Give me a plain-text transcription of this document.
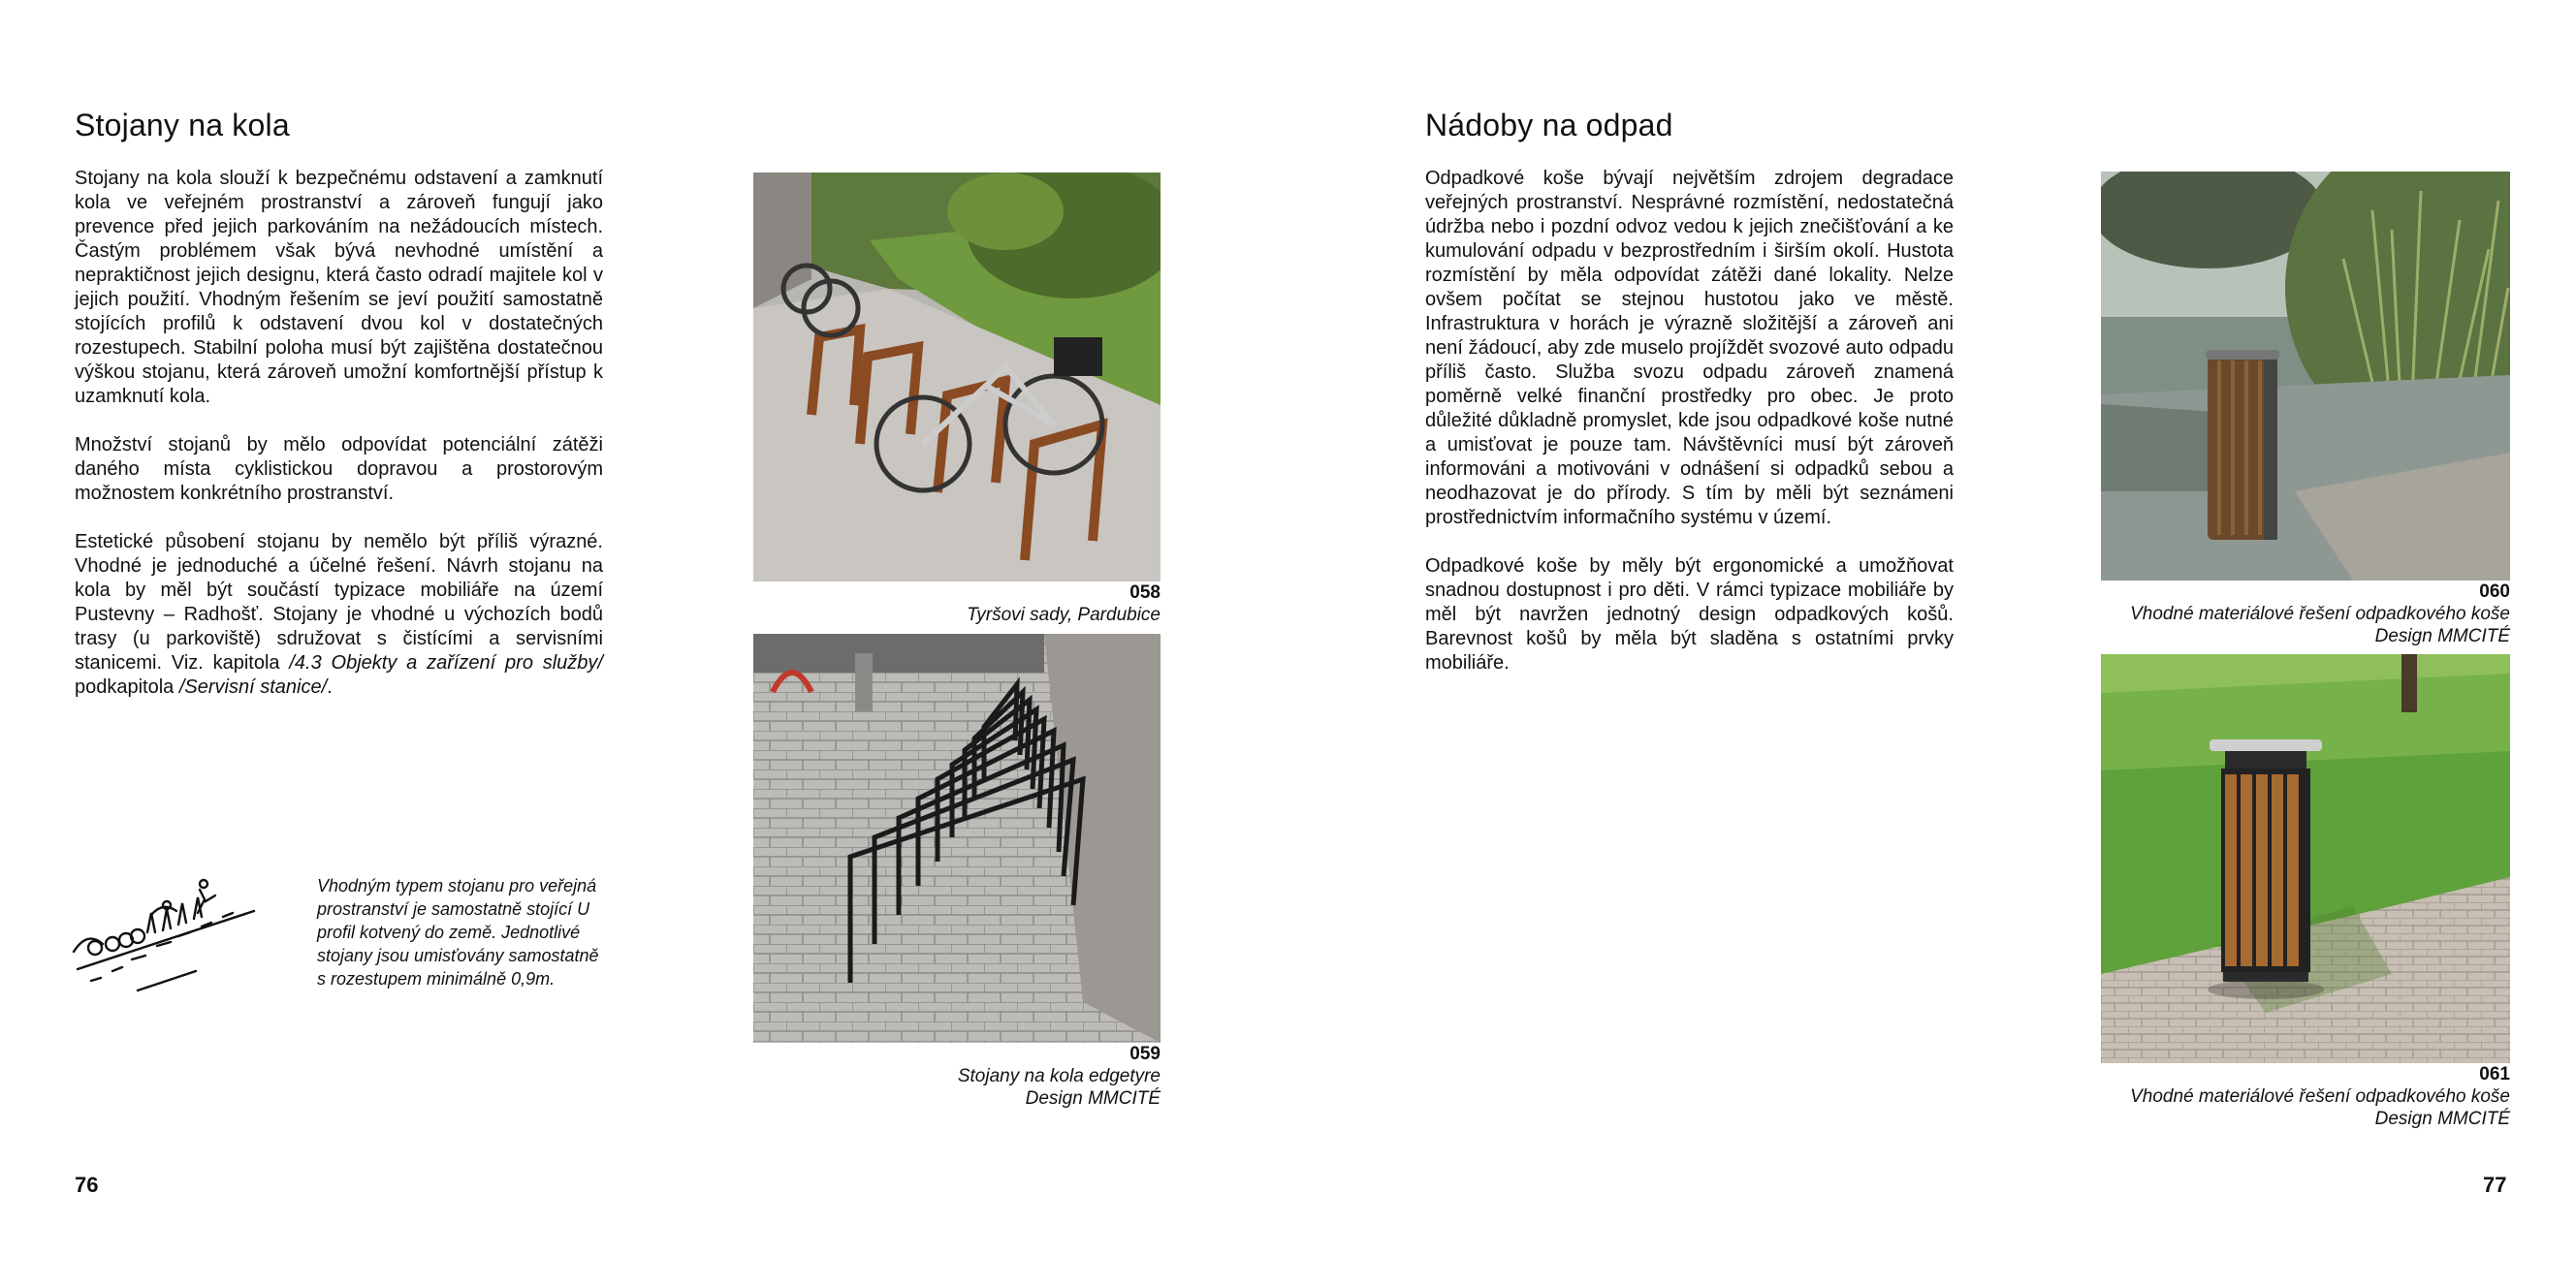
Stojany na kola

Stojany na kola slouží k bezpečnému odstavení a zamknutí kola ve veřejném prostranství a zároveň fungují jako prevence před jejich parkováním na nežádoucích místech. Častým problémem však bývá nevhodné umístění a nepraktičnost jejich designu, která často odradí majitele kol v jejich použití. Vhodným řešením se jeví použití samostatně stojících profilů k odstavení dvou kol v dostatečných rozestupech. Stabilní poloha musí být zajištěna dostatečnou výškou stojanu, která zároveň umožní komfortnější přístup k uzamknutí kola.

Množství stojanů by mělo odpovídat potenciální zátěži daného místa cyklistickou dopravou a prostorovým možnostem konkrétního prostranství.

Estetické působení stojanu by nemělo být příliš výrazné. Vhodné je jednoduché a účelné řešení. Návrh stojanu na kola by měl být součástí typizace mobiliáře na území Pustevny – Radhošť. Stojany je vhodné u výchozích bodů trasy (u parkoviště) sdružovat s čistícími a servisními stanicemi. Viz. kapitola /4.3 Objekty a zařízení pro služby/ podkapitola /Servisní stanice/.

Vhodným typem stojanu pro veřejná prostranství je samostatně stojící U profil kotvený do země. Jednotlivé stojany jsou umisťovány samostatně s rozestupem minimálně 0,9m.
058
Tyršovi sady, Pardubice
059
Stojany na kola edgetyre
Design MMCITÉ
76
Nádoby na odpad

Odpadkové koše bývají největším zdrojem degradace veřejných prostranství. Nesprávné rozmístění, nedostatečná údržba nebo i pozdní odvoz vedou k jejich znečišťování a ke kumulování odpadu v bezprostředním i širším okolí. Hustota rozmístění by měla odpovídat zátěži dané lokality. Nelze ovšem počítat se stejnou hustotou jako ve městě. Infrastruktura v horách je výrazně složitější a zároveň ani není žádoucí, aby zde muselo projíždět svozové auto odpadu příliš často. Služba svozu odpadu zároveň znamená poměrně velké finanční prostředky pro obec. Je proto důležité důkladně promyslet, kde jsou odpadkové koše nutné a umisťovat je pouze tam. Návštěvníci musí být zároveň informováni a motivováni v odnášení si odpadků sebou a neodhazovat je do přírody. S tím by měli být seznámeni prostřednictvím informačního systému v území.

Odpadkové koše by měly být ergonomické a umožňovat snadnou dostupnost i pro děti. V rámci typizace mobiliáře by měl být navržen jednotný design odpadkových košů. Barevnost košů by měla být sladěna s ostatními prvky mobiliáře.

060
Vhodné materiálové řešení odpadkového koše
Design MMCITÉ
061
Vhodné materiálové řešení odpadkového koše
Design MMCITÉ
77
